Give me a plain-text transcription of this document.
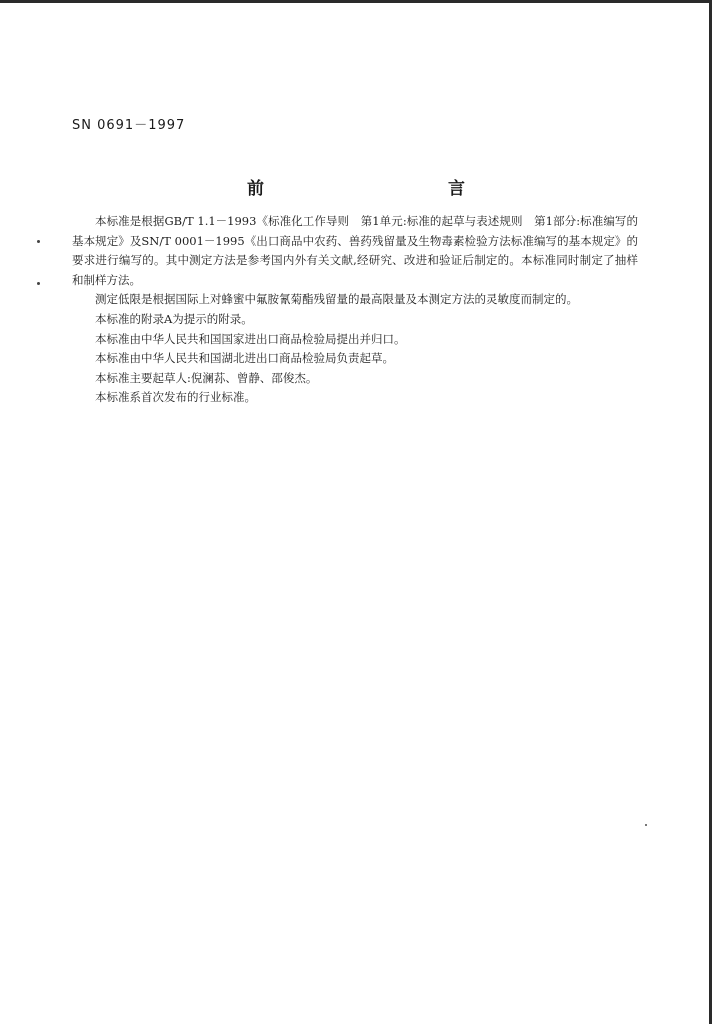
SN 0691－1997
前　　言

本标准是根据GB/T 1.1－1993《标准化工作导则　第1单元:标准的起草与表述规则　第1部分:标准编写的基本规定》及SN/T 0001－1995《出口商品中农药、兽药残留量及生物毒素检验方法标准编写的基本规定》的要求进行编写的。其中测定方法是参考国内外有关文献,经研究、改进和验证后制定的。本标准同时制定了抽样和制样方法。

测定低限是根据国际上对蜂蜜中氟胺氰菊酯残留量的最高限量及本测定方法的灵敏度而制定的。

本标准的附录A为提示的附录。

本标准由中华人民共和国国家进出口商品检验局提出并归口。

本标准由中华人民共和国湖北进出口商品检验局负责起草。

本标准主要起草人:倪澜荪、曾静、邵俊杰。

本标准系首次发布的行业标准。
